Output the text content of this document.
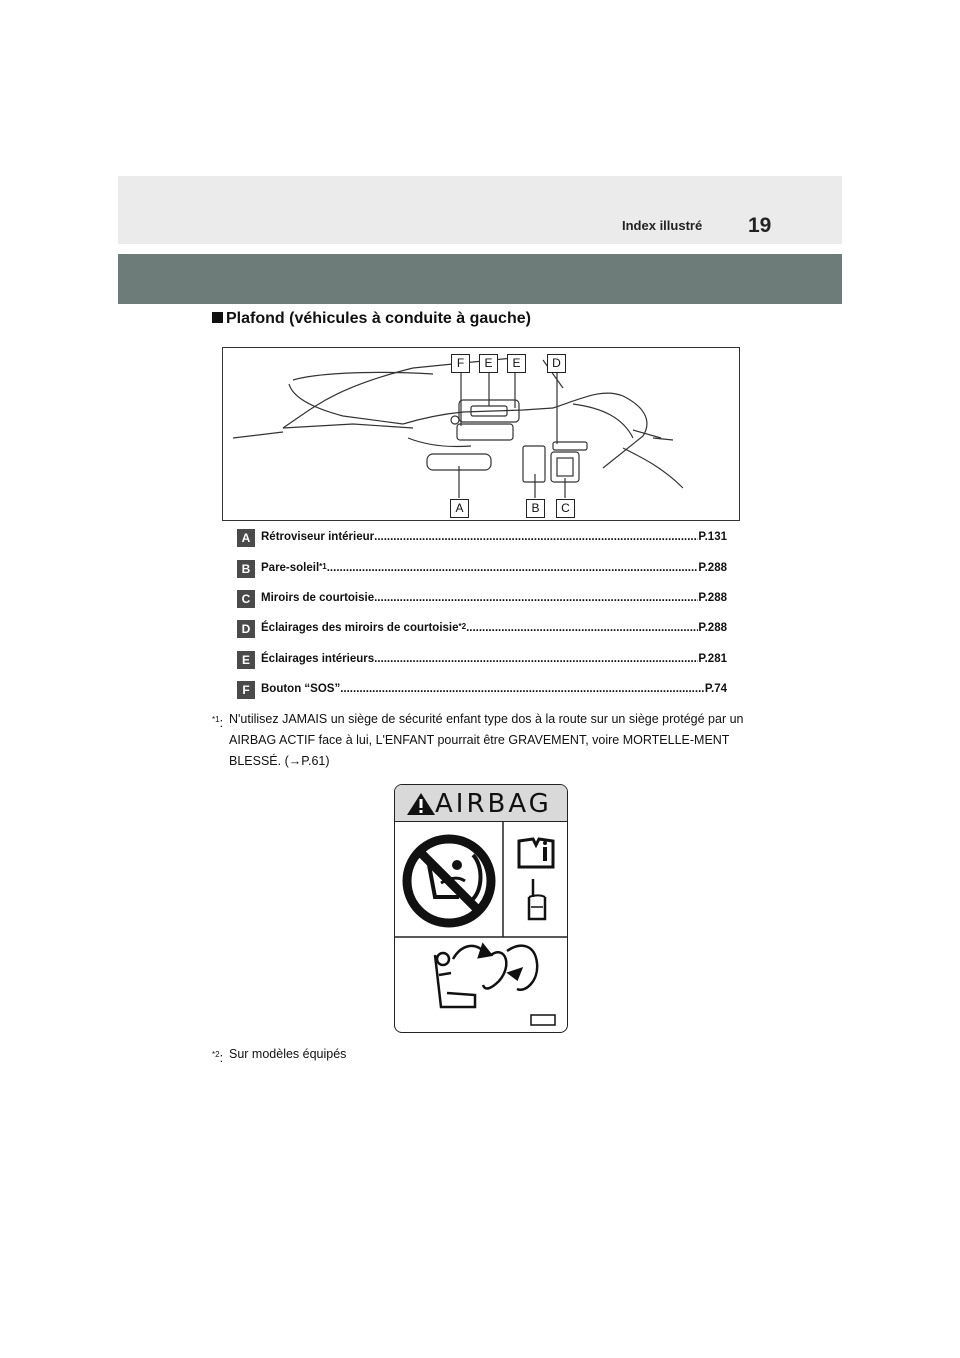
Index illustré 19
Plafond (véhicules à conduite à gauche)
F	E	E	D
A	B	C
A Rétroviseur intérieur .....	P.131
B Pare-soleil *1 .....	P.288
C Miroirs de courtoisie .....	P.288
D Éclairages des miroirs de courtoisie *2 .....	P.288
E Éclairages intérieurs .....	P.281
F Bouton “SOS” .....	P.74
$^{*1}$: N'utilisez JAMAIS un siège de sécurité enfant type dos à la route sur un siège protégé par un AIRBAG ACTIF face à lui, L'ENFANT pourrait être GRAVEMENT, voire MORTELLE-MENT BLESSÉ. (→P.61)
AIRBAG
$^{*2}$: Sur modèles équipés
